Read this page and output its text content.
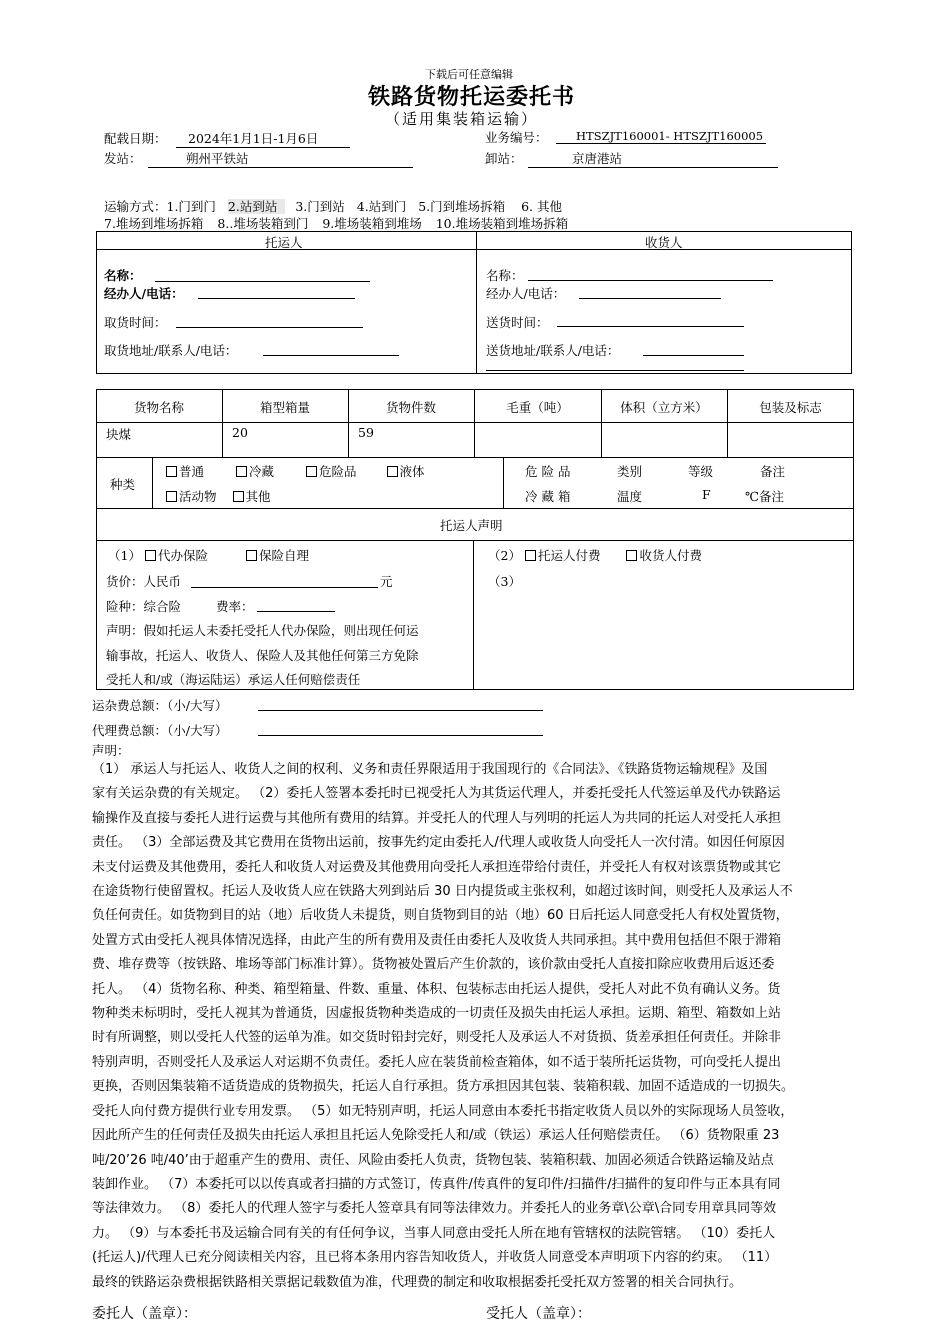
下载后可任意编辑
铁路货物托运委托书
（适用集装箱运输）
配载日期：	2024年1月1日-1月6日	业务编号：	HTSZJT160001- HTSZJT160005
发站：	朔州平铁站	卸站：	京唐港站
运输方式：1.门到门 2.站到站 3.门到站 4.站到门 5.门到堆场拆箱 6. 其他
7.堆场到堆场拆箱 8..堆场装箱到门 9.堆场装箱到堆场 10.堆场装箱到堆场拆箱
托运人	收货人
名称：
经办人/电话：
取货时间：
取货地址/联系人/电话：
名称：
经办人/电话：
送货时间：
送货地址/联系人/电话：
货物名称	箱型箱量	货物件数	毛重（吨）	体积（立方米）	包装及标志
块煤	20	59
种类
普通	冷藏	危险品	液体
活动物 其他
危 险 品	类别	等级	备注
冷 藏 箱	温度	F	℃备注
托运人声明
（1） 代办保险	保险自理
货价：人民币	元
险种：综合险	费率：
声明：假如托运人未委托受托人代办保险，则出现任何运
输事故，托运人、收货人、保险人及其他任何第三方免除
受托人和/或（海运陆运）承运人任何赔偿责任
（2） 托运人付费	收货人付费
（3）
运杂费总额：（小/大写）
代理费总额：（小/大写）
声明：
（1） 承运人与托运人、收货人之间的权利、义务和责任界限适用于我国现行的《合同法》、《铁路货物运输规程》及国
家有关运杂费的有关规定。 （2）委托人签署本委托时已视受托人为其货运代理人，并委托受托人代签运单及代办铁路运
输操作及直接与委托人进行运费与其他所有费用的结算。并受托人的代理人与列明的托运人为共同的托运人对受托人承担
责任。 （3）全部运费及其它费用在货物出运前，按事先约定由委托人/代理人或收货人向受托人一次付清。如因任何原因
未支付运费及其他费用，委托人和收货人对运费及其他费用向受托人承担连带给付责任，并受托人有权对该票货物或其它
在途货物行使留置权。托运人及收货人应在铁路大列到站后 30 日内提货或主张权利，如超过该时间，则受托人及承运人不
负任何责任。如货物到目的站（地）后收货人未提货，则自货物到目的站（地）60 日后托运人同意受托人有权处置货物，
处置方式由受托人视具体情况选择，由此产生的所有费用及责任由委托人及收货人共同承担。其中费用包括但不限于滞箱
费、堆存费等（按铁路、堆场等部门标准计算）。货物被处置后产生价款的，该价款由受托人直接扣除应收费用后返还委
托人。 （4）货物名称、种类、箱型箱量、件数、重量、体积、包装标志由托运人提供，受托人对此不负有确认义务。货
物种类未标明时，受托人视其为普通货，因虚报货物种类造成的一切责任及损失由托运人承担。运期、箱型、箱数如上站
时有所调整，则以受托人代签的运单为准。如交货时铅封完好，则受托人及承运人不对货损、货差承担任何责任。并除非
特别声明，否则受托人及承运人对运期不负责任。委托人应在装货前检查箱体，如不适于装所托运货物，可向受托人提出
更换，否则因集装箱不适货造成的货物损失，托运人自行承担。货方承担因其包装、装箱积载、加固不适造成的一切损失。
受托人向付费方提供行业专用发票。 （5）如无特别声明，托运人同意由本委托书指定收货人员以外的实际现场人员签收，
因此所产生的任何责任及损失由托运人承担且托运人免除受托人和/或（铁运）承运人任何赔偿责任。 （6）货物限重 23
吨/20’26 吨/40’由于超重产生的费用、责任、风险由委托人负责，货物包装、装箱积载、加固必须适合铁路运输及站点
装卸作业。 （7）本委托可以以传真或者扫描的方式签订，传真件/传真件的复印件/扫描件/扫描件的复印件与正本具有同
等法律效力。 （8）委托人的代理人签字与委托人签章具有同等法律效力。并委托人的业务章\公章\合同专用章具同等效
力。 （9）与本委托书及运输合同有关的有任何争议，当事人同意由受托人所在地有管辖权的法院管辖。 （10）委托人
(托运人)/代理人已充分阅读相关内容，且已将本条用内容告知收货人，并收货人同意受本声明项下内容的约束。 （11）
最终的铁路运杂费根据铁路相关票据记载数值为准，代理费的制定和收取根据委托受托双方签署的相关合同执行。
委托人（盖章）：	受托人（盖章）：
